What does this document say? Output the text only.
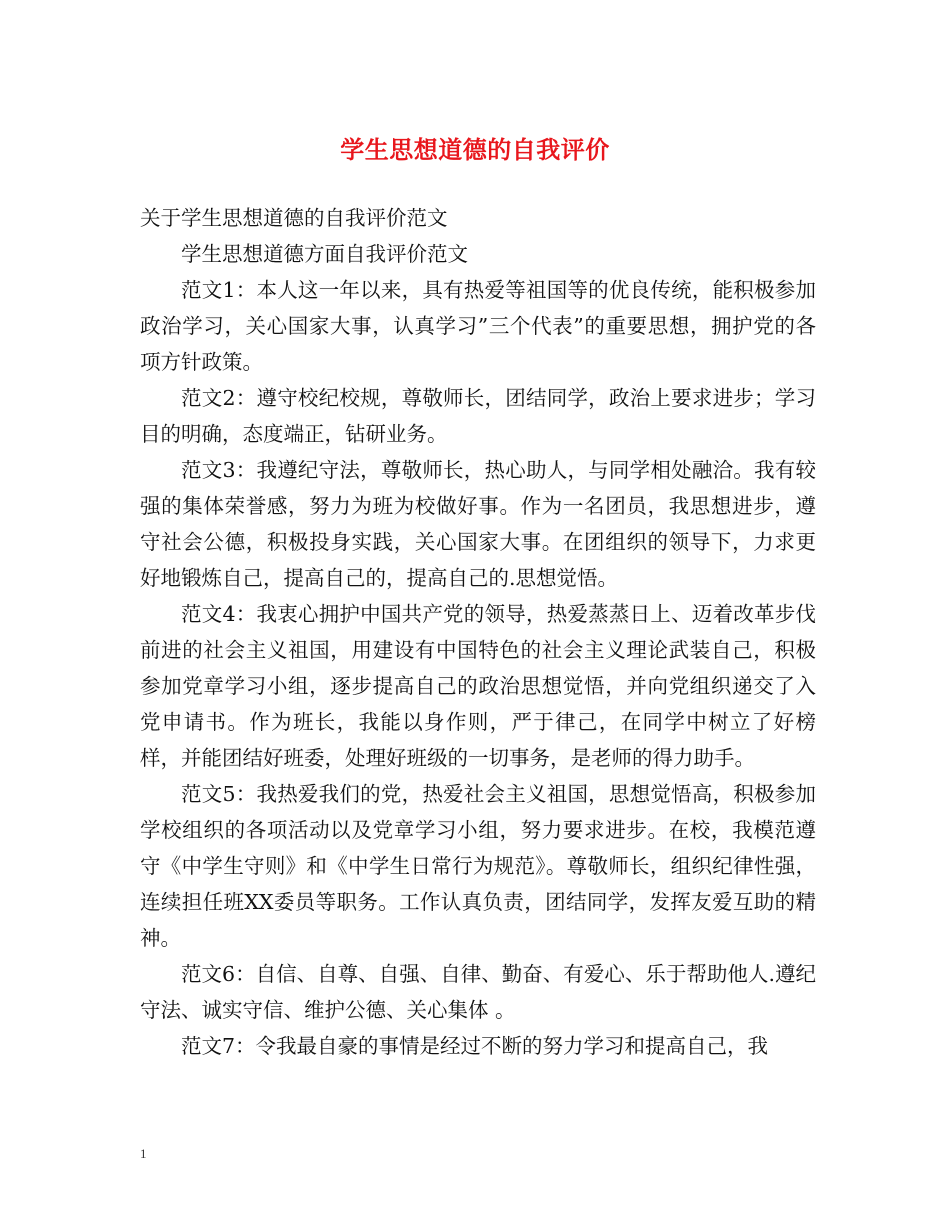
学生思想道德的自我评价

关于学生思想道德的自我评价范文

学生思想道德方面自我评价范文

范文1：本人这一年以来，具有热爱等祖国等的优良传统，能积极参加政治学习，关心国家大事，认真学习”三个代表”的重要思想，拥护党的各项方针政策。

范文2：遵守校纪校规，尊敬师长，团结同学，政治上要求进步；学习目的明确，态度端正，钻研业务。

范文3：我遵纪守法，尊敬师长，热心助人，与同学相处融洽。我有较强的集体荣誉感，努力为班为校做好事。作为一名团员，我思想进步，遵守社会公德，积极投身实践，关心国家大事。在团组织的领导下，力求更好地锻炼自己，提高自己的，提高自己的.思想觉悟。

范文4：我衷心拥护中国共产党的领导，热爱蒸蒸日上、迈着改革步伐前进的社会主义祖国，用建设有中国特色的社会主义理论武装自己，积极参加党章学习小组，逐步提高自己的政治思想觉悟，并向党组织递交了入党申请书。作为班长，我能以身作则，严于律己，在同学中树立了好榜样，并能团结好班委，处理好班级的一切事务，是老师的得力助手。

范文5：我热爱我们的党，热爱社会主义祖国，思想觉悟高，积极参加学校组织的各项活动以及党章学习小组，努力要求进步。在校，我模范遵守《中学生守则》和《中学生日常行为规范》。尊敬师长，组织纪律性强，连续担任班XX委员等职务。工作认真负责，团结同学，发挥友爱互助的精神。

范文6：自信、自尊、自强、自律、勤奋、有爱心、乐于帮助他人.遵纪守法、诚实守信、维护公德、关心集体 。

范文7：令我最自豪的事情是经过不断的努力学习和提高自己，我

1
